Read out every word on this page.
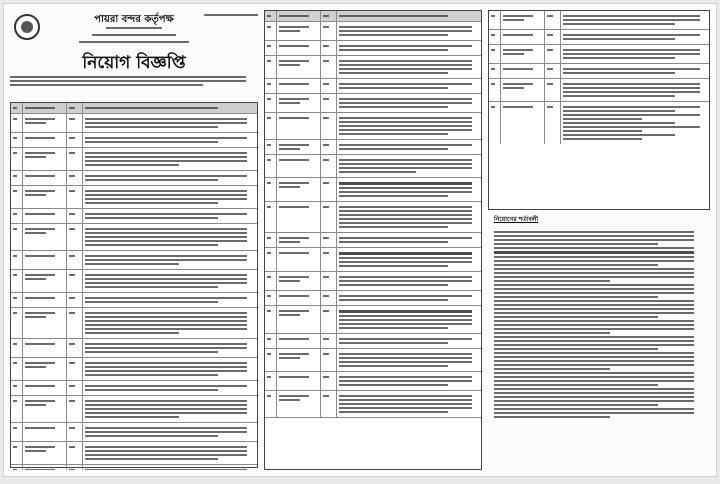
পায়রা বন্দর কর্তৃপক্ষ
নিয়োগ বিজ্ঞপ্তি
নিয়োগের শর্তাবলী
